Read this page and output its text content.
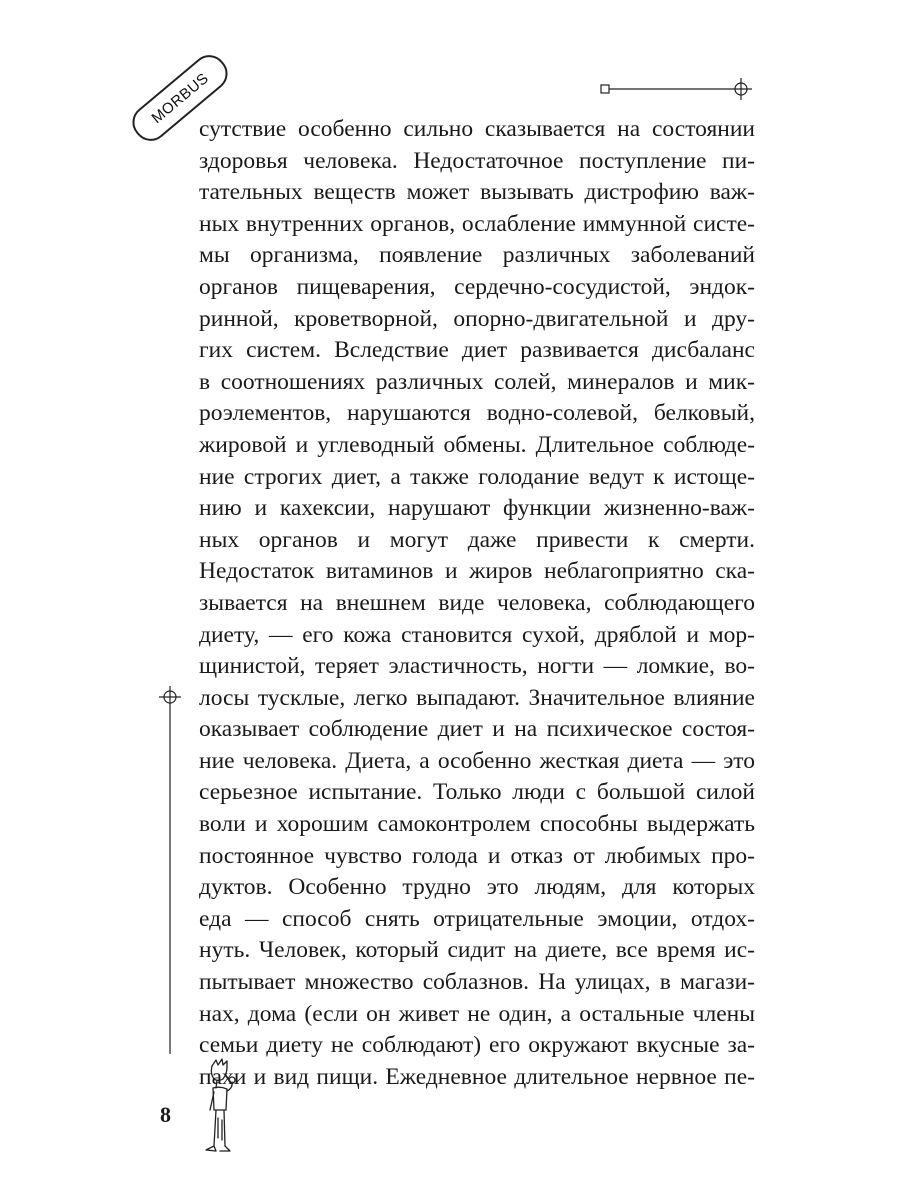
MORBUS
сутствие особенно сильно сказывается на состоянии
здоровья человека. Недостаточное поступление пи-
тательных веществ может вызывать дистрофию важ-
ных внутренних органов, ослабление иммунной систе-
мы организма, появление различных заболеваний
органов пищеварения, сердечно-сосудистой, эндок-
ринной, кроветворной, опорно-двигательной и дру-
гих систем. Вследствие диет развивается дисбаланс
в соотношениях различных солей, минералов и мик-
роэлементов, нарушаются водно-солевой, белковый,
жировой и углеводный обмены. Длительное соблюде-
ние строгих диет, а также голодание ведут к истоще-
нию и кахексии, нарушают функции жизненно-важ-
ных органов и могут даже привести к смерти.
Недостаток витаминов и жиров неблагоприятно ска-
зывается на внешнем виде человека, соблюдающего
диету, — его кожа становится сухой, дряблой и мор-
щинистой, теряет эластичность, ногти — ломкие, во-
лосы тусклые, легко выпадают. Значительное влияние
оказывает соблюдение диет и на психическое состоя-
ние человека. Диета, а особенно жесткая диета — это
серьезное испытание. Только люди с большой силой
воли и хорошим самоконтролем способны выдержать
постоянное чувство голода и отказ от любимых про-
дуктов. Особенно трудно это людям, для которых
еда — способ снять отрицательные эмоции, отдох-
нуть. Человек, который сидит на диете, все время ис-
пытывает множество соблазнов. На улицах, в магази-
нах, дома (если он живет не один, а остальные члены
семьи диету не соблюдают) его окружают вкусные за-
пахи и вид пищи. Ежедневное длительное нервное пе-
8
